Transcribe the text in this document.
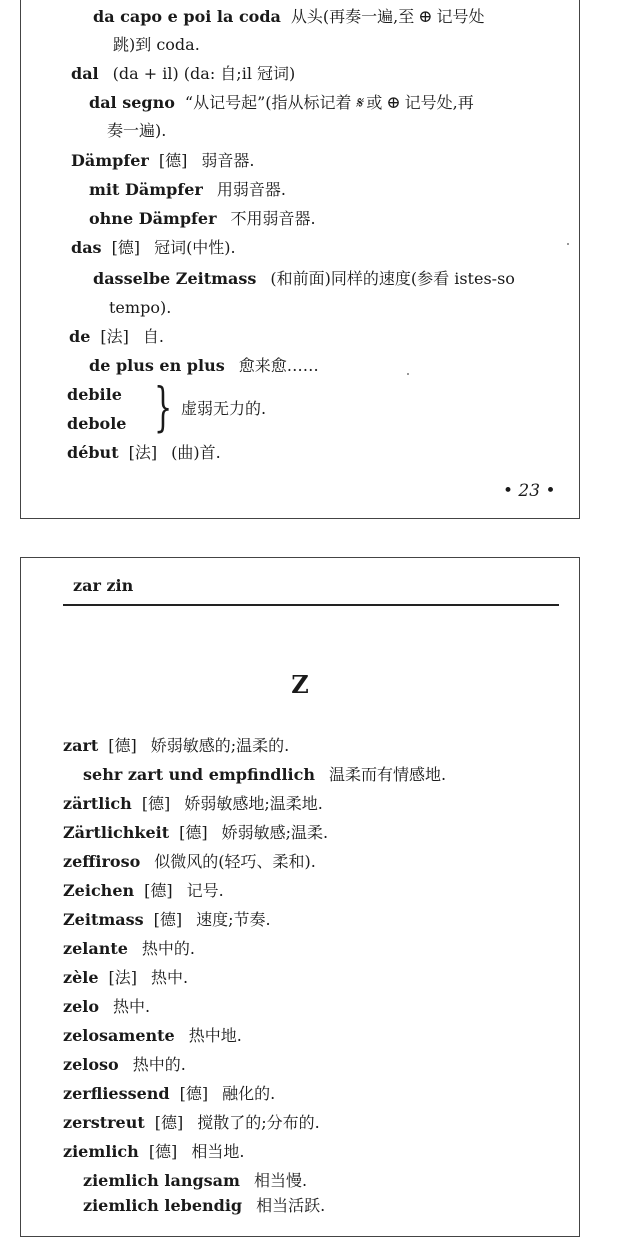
da capo e poi la coda 从头(再奏一遍,至 ⊕ 记号处
跳)到 coda.
dal (da + il) (da: 自;il 冠词)
dal segno “从记号起”(指从标记着 𝄋 或 ⊕ 记号处,再
奏一遍).
Dämpfer [德] 弱音器.
mit Dämpfer 用弱音器.
ohne Dämpfer 不用弱音器.
das [德] 冠词(中性).
dasselbe Zeitmass (和前面)同样的速度(参看 istes-so
tempo).
de [法] 自.
de plus en plus 愈来愈……
debile
debole } 虚弱无力的.
début [法] (曲)首.
• 23 •
zar zin
Z
zart [德] 娇弱敏感的;温柔的.
sehr zart und empfindlich 温柔而有情感地.
zärtlich [德] 娇弱敏感地;温柔地.
Zärtlichkeit [德] 娇弱敏感;温柔.
zeffiroso 似微风的(轻巧、柔和).
Zeichen [德] 记号.
Zeitmass [德] 速度;节奏.
zelante 热中的.
zèle [法] 热中.
zelo 热中.
zelosamente 热中地.
zeloso 热中的.
zerfliessend [德] 融化的.
zerstreut [德] 搅散了的;分布的.
ziemlich [德] 相当地.
ziemlich langsam 相当慢.
ziemlich lebendig 相当活跃.
